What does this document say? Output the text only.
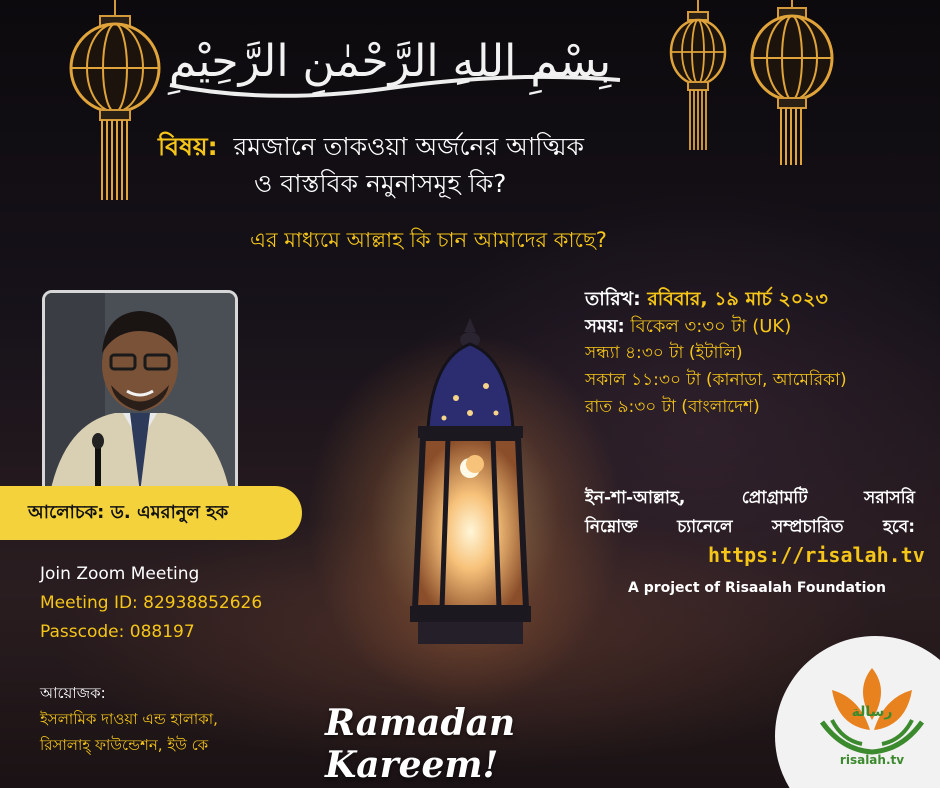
بِسْمِ اللهِ الرَّحْمٰنِ الرَّحِيْمِ
বিষয়: রমজানে তাকওয়া অর্জনের আত্মিক
ও বাস্তবিক নমুনাসমূহ কি?
এর মাধ্যমে আল্লাহ কি চান আমাদের কাছে?
আলোচক: ড. এমরানুল হক
Join Zoom Meeting
Meeting ID: 82938852626
Passcode: 088197
আয়োজক:
ইসলামিক দাওয়া এন্ড হালাকা,
রিসালাহ্ ফাউন্ডেশন, ইউ কে
Ramadan Kareem!
তারিখ: রবিবার, ১৯ মার্চ ২০২৩
সময়: বিকেল ৩:৩০ টা (UK)
সন্ধ্যা ৪:৩০ টা (ইটালি)
সকাল ১১:৩০ টা (কানাডা, আমেরিকা)
রাত ৯:৩০ টা (বাংলাদেশ)
ইন-শা-আল্লাহ, প্রোগ্রামটি সরাসরি
নিম্নোক্ত চ্যানেলে সম্প্রচারিত হবে:
https://risalah.tv
A project of Risaalah Foundation
رسالة
risalah.tv
